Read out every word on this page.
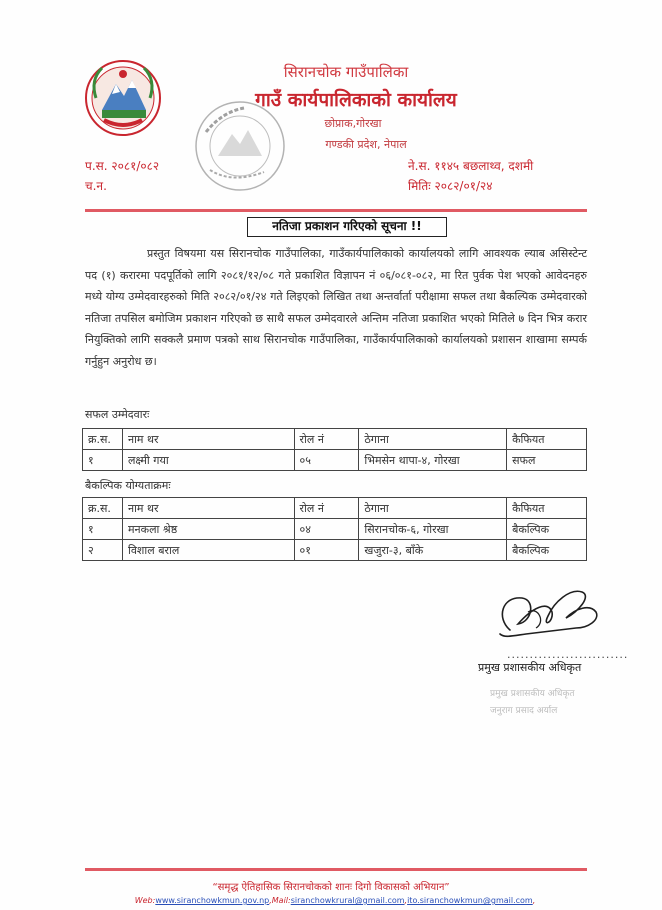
सिरानचोक गाउँपालिका
गाउँ कार्यपालिकाको कार्यालय
छोप्राक,गोरखा
गण्डकी प्रदेश, नेपाल
प.स. २०८१/०८२
च.न.
ने.स. ११४५ बछलाथ्व, दशमी
मितिः २०८२/०१/२४
नतिजा प्रकाशन गरिएको सूचना !!

प्रस्तुत विषयमा यस सिरानचोक गाउँपालिका, गाउँकार्यपालिकाको कार्यालयको लागि आवश्यक ल्याब असिस्टेन्ट पद (१) करारमा पदपूर्तिको लागि २०८१/१२/०८ गते प्रकाशित विज्ञापन नं ०६/०८१-०८२, मा रित पुर्वक पेश भएको आवेदनहरु मध्ये योग्य उम्मेदवारहरुको मिति २०८२/०१/२४ गते लिइएको लिखित तथा अन्तर्वार्ता परीक्षामा सफल तथा बैकल्पिक उम्मेदवारको नतिजा तपसिल बमोजिम प्रकाशन गरिएको छ साथै सफल उम्मेदवारले अन्तिम नतिजा प्रकाशित भएको मितिले ७ दिन भित्र करार नियुक्तिको लागि सक्कलै प्रमाण पत्रको साथ सिरानचोक गाउँपालिका, गाउँकार्यपालिकाको कार्यालयको प्रशासन शाखामा सम्पर्क गर्नुहुन अनुरोध छ।

सफल उम्मेदवारः
क्र.स.	नाम थर	रोल नं	ठेगाना	कैफियत
१	लक्ष्मी गया	०५	भिमसेन थापा-४, गोरखा	सफल
बैकल्पिक योग्यताक्रमः
क्र.स.	नाम थर	रोल नं	ठेगाना	कैफियत
१	मनकला श्रेष्ठ	०४	सिरानचोक-६, गोरखा	बैकल्पिक
२	विशाल बराल	०१	खजुरा-३, बाँके	बैकल्पिक
...........................
प्रमुख प्रशासकीय अधिकृत
प्रमुख प्रशासकीय अधिकृत
जनुराग प्रसाद अर्याल
“समृद्ध ऐतिहासिक सिरानचोकको शानः दिगो विकासको अभियान”
Web:www.siranchowkmun.gov.np,Mail:siranchowkrural@gmail.com,ito.siranchowkmun@gmail.com,
